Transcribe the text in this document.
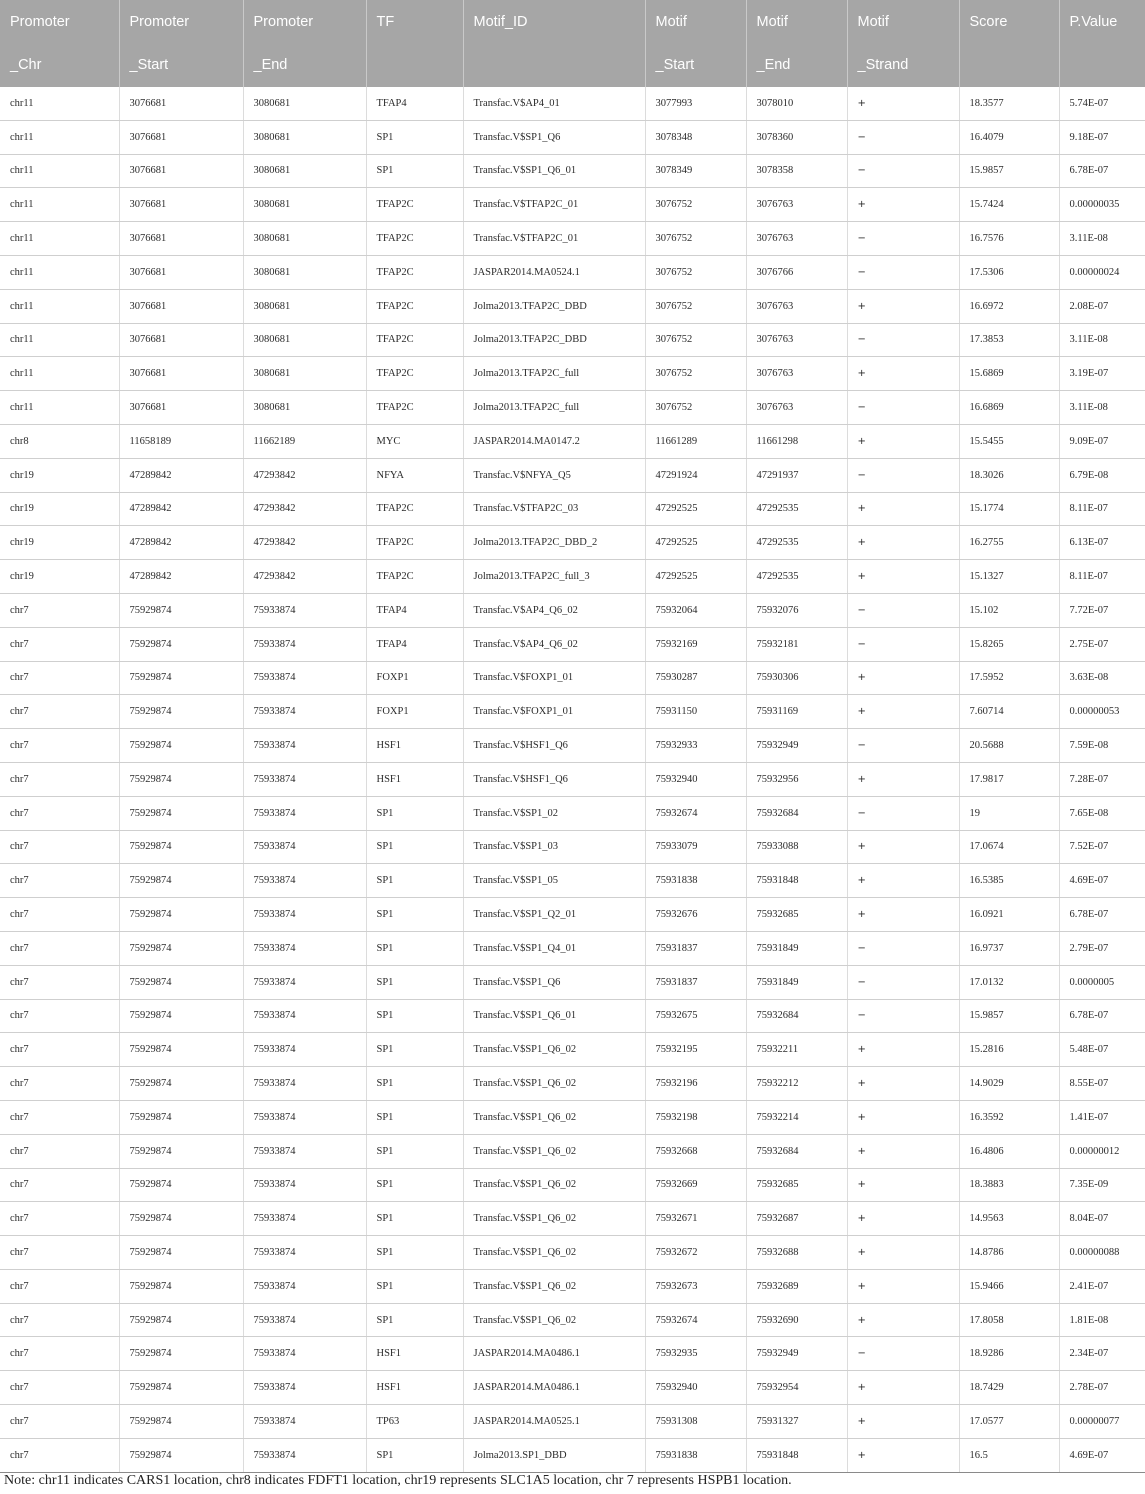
Promoter	Promoter	Promoter	TF	Motif_ID	Motif	Motif	Motif	Score	P.Value
_Chr	_Start	_End			_Start	_End	_Strand		
chr11	3076681	3080681	TFAP4	Transfac.V$AP4_01	3077993	3078010	+	18.3577	5.74E-07
chr11	3076681	3080681	SP1	Transfac.V$SP1_Q6	3078348	3078360	−	16.4079	9.18E-07
chr11	3076681	3080681	SP1	Transfac.V$SP1_Q6_01	3078349	3078358	−	15.9857	6.78E-07
chr11	3076681	3080681	TFAP2C	Transfac.V$TFAP2C_01	3076752	3076763	+	15.7424	0.00000035
chr11	3076681	3080681	TFAP2C	Transfac.V$TFAP2C_01	3076752	3076763	−	16.7576	3.11E-08
chr11	3076681	3080681	TFAP2C	JASPAR2014.MA0524.1	3076752	3076766	−	17.5306	0.00000024
chr11	3076681	3080681	TFAP2C	Jolma2013.TFAP2C_DBD	3076752	3076763	+	16.6972	2.08E-07
chr11	3076681	3080681	TFAP2C	Jolma2013.TFAP2C_DBD	3076752	3076763	−	17.3853	3.11E-08
chr11	3076681	3080681	TFAP2C	Jolma2013.TFAP2C_full	3076752	3076763	+	15.6869	3.19E-07
chr11	3076681	3080681	TFAP2C	Jolma2013.TFAP2C_full	3076752	3076763	−	16.6869	3.11E-08
chr8	11658189	11662189	MYC	JASPAR2014.MA0147.2	11661289	11661298	+	15.5455	9.09E-07
chr19	47289842	47293842	NFYA	Transfac.V$NFYA_Q5	47291924	47291937	−	18.3026	6.79E-08
chr19	47289842	47293842	TFAP2C	Transfac.V$TFAP2C_03	47292525	47292535	+	15.1774	8.11E-07
chr19	47289842	47293842	TFAP2C	Jolma2013.TFAP2C_DBD_2	47292525	47292535	+	16.2755	6.13E-07
chr19	47289842	47293842	TFAP2C	Jolma2013.TFAP2C_full_3	47292525	47292535	+	15.1327	8.11E-07
chr7	75929874	75933874	TFAP4	Transfac.V$AP4_Q6_02	75932064	75932076	−	15.102	7.72E-07
chr7	75929874	75933874	TFAP4	Transfac.V$AP4_Q6_02	75932169	75932181	−	15.8265	2.75E-07
chr7	75929874	75933874	FOXP1	Transfac.V$FOXP1_01	75930287	75930306	+	17.5952	3.63E-08
chr7	75929874	75933874	FOXP1	Transfac.V$FOXP1_01	75931150	75931169	+	7.60714	0.00000053
chr7	75929874	75933874	HSF1	Transfac.V$HSF1_Q6	75932933	75932949	−	20.5688	7.59E-08
chr7	75929874	75933874	HSF1	Transfac.V$HSF1_Q6	75932940	75932956	+	17.9817	7.28E-07
chr7	75929874	75933874	SP1	Transfac.V$SP1_02	75932674	75932684	−	19	7.65E-08
chr7	75929874	75933874	SP1	Transfac.V$SP1_03	75933079	75933088	+	17.0674	7.52E-07
chr7	75929874	75933874	SP1	Transfac.V$SP1_05	75931838	75931848	+	16.5385	4.69E-07
chr7	75929874	75933874	SP1	Transfac.V$SP1_Q2_01	75932676	75932685	+	16.0921	6.78E-07
chr7	75929874	75933874	SP1	Transfac.V$SP1_Q4_01	75931837	75931849	−	16.9737	2.79E-07
chr7	75929874	75933874	SP1	Transfac.V$SP1_Q6	75931837	75931849	−	17.0132	0.0000005
chr7	75929874	75933874	SP1	Transfac.V$SP1_Q6_01	75932675	75932684	−	15.9857	6.78E-07
chr7	75929874	75933874	SP1	Transfac.V$SP1_Q6_02	75932195	75932211	+	15.2816	5.48E-07
chr7	75929874	75933874	SP1	Transfac.V$SP1_Q6_02	75932196	75932212	+	14.9029	8.55E-07
chr7	75929874	75933874	SP1	Transfac.V$SP1_Q6_02	75932198	75932214	+	16.3592	1.41E-07
chr7	75929874	75933874	SP1	Transfac.V$SP1_Q6_02	75932668	75932684	+	16.4806	0.00000012
chr7	75929874	75933874	SP1	Transfac.V$SP1_Q6_02	75932669	75932685	+	18.3883	7.35E-09
chr7	75929874	75933874	SP1	Transfac.V$SP1_Q6_02	75932671	75932687	+	14.9563	8.04E-07
chr7	75929874	75933874	SP1	Transfac.V$SP1_Q6_02	75932672	75932688	+	14.8786	0.00000088
chr7	75929874	75933874	SP1	Transfac.V$SP1_Q6_02	75932673	75932689	+	15.9466	2.41E-07
chr7	75929874	75933874	SP1	Transfac.V$SP1_Q6_02	75932674	75932690	+	17.8058	1.81E-08
chr7	75929874	75933874	HSF1	JASPAR2014.MA0486.1	75932935	75932949	−	18.9286	2.34E-07
chr7	75929874	75933874	HSF1	JASPAR2014.MA0486.1	75932940	75932954	+	18.7429	2.78E-07
chr7	75929874	75933874	TP63	JASPAR2014.MA0525.1	75931308	75931327	+	17.0577	0.00000077
chr7	75929874	75933874	SP1	Jolma2013.SP1_DBD	75931838	75931848	+	16.5	4.69E-07
Note: chr11 indicates CARS1 location, chr8 indicates FDFT1 location, chr19 represents SLC1A5 location, chr 7 represents HSPB1 location.
